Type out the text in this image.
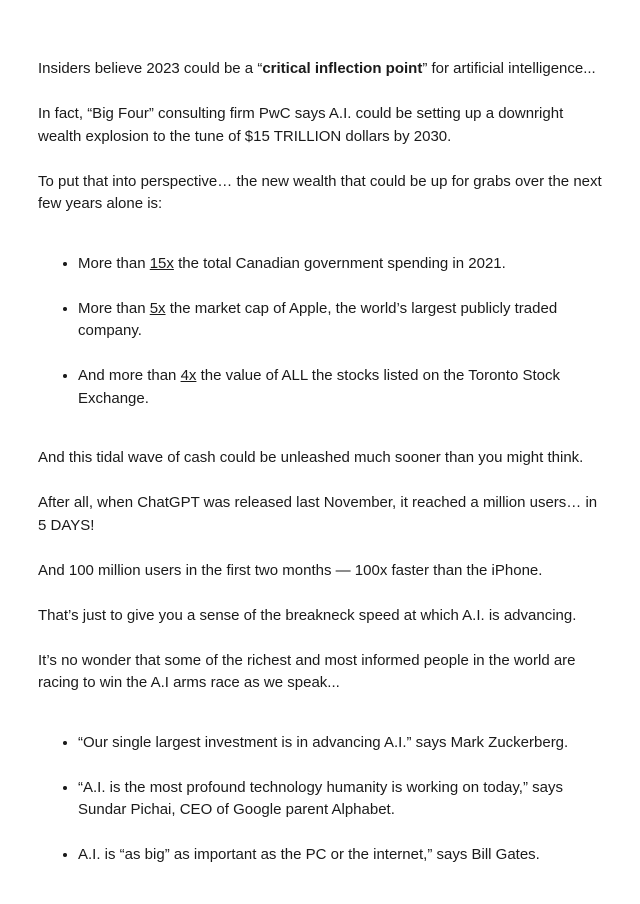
Insiders believe 2023 could be a “critical inflection point” for artificial intelligence...

In fact, “Big Four” consulting firm PwC says A.I. could be setting up a downright wealth explosion to the tune of $15 TRILLION dollars by 2030.

To put that into perspective… the new wealth that could be up for grabs over the next few years alone is:

• More than 15x the total Canadian government spending in 2021.
• More than 5x the market cap of Apple, the world’s largest publicly traded company.
• And more than 4x the value of ALL the stocks listed on the Toronto Stock Exchange.

And this tidal wave of cash could be unleashed much sooner than you might think.

After all, when ChatGPT was released last November, it reached a million users… in 5 DAYS!

And 100 million users in the first two months — 100x faster than the iPhone.

That’s just to give you a sense of the breakneck speed at which A.I. is advancing.

It’s no wonder that some of the richest and most informed people in the world are racing to win the A.I arms race as we speak...

• “Our single largest investment is in advancing A.I.” says Mark Zuckerberg.
• “A.I. is the most profound technology humanity is working on today,” says Sundar Pichai, CEO of Google parent Alphabet.
• A.I. is “as big” as important as the PC or the internet,” says Bill Gates.
